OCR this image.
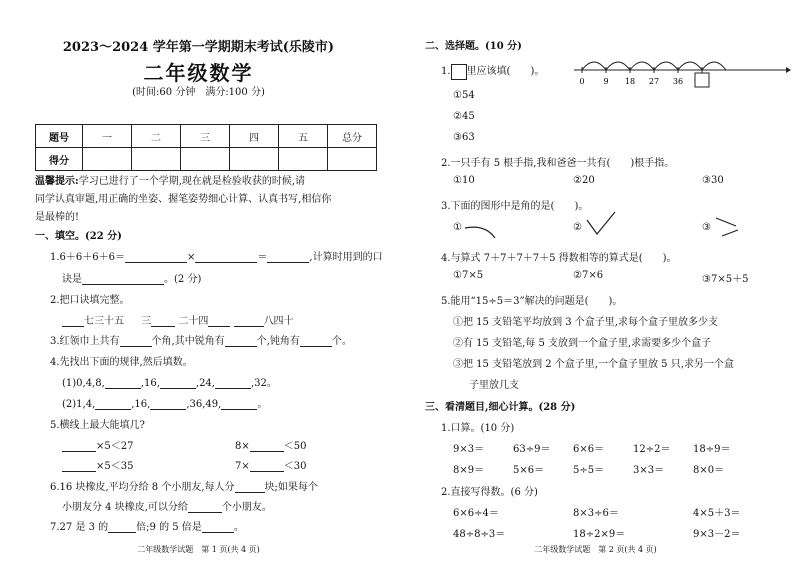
2023～2024 学年第一学期期末考试(乐陵市)
二年级数学
(时间:60 分钟　满分:100 分)
题号	一	二	三	四	五	总分
得分						
温馨提示:学习已进行了一个学期,现在就是检验收获的时候,请
同学认真审题,用正确的坐姿、握笔姿势细心计算、认真书写,相信你
是最棒的!
一、填空。(22 分)
1.6＋6＋6＋6＝	×	＝	,计算时用到的口
诀是	。(2 分)
2.把口诀填完整。
七三十五 三	二十四	八四十
3.红领巾上共有	个角,其中锐角有	个,钝角有	个。
4.先找出下面的规律,然后填数。
(1)0,4,8,	,16,	,24,	,32。
(2)1,4,	,16,	,36,49,	。
5.横线上最大能填几?
×5＜27	8×	＜50
×5＜35	7×	＜30
6.16 块橡皮,平均分给 8 个小朋友,每人分	块;如果每个
小朋友分 4 块橡皮,可以分给	个小朋友。
7.27 是 3 的	倍;9 的 5 倍是	。
二年级数学试题　第 1 页(共 4 页)
二、选择题。(10 分)
1. 里应该填(　　)。
0 9 18 27 36
①54
②45
③63
2.一只手有 5 根手指,我和爸爸一共有(　　)根手指。
①10	②20	③30
3.下面的图形中是角的是(　　)。
①	②	③
4.与算式 7＋7＋7＋7＋5 得数相等的算式是(　　)。
①7×5	②7×6	③7×5＋5
5.能用“15÷5＝3”解决的问题是(　　)。
①把 15 支铅笔平均放到 3 个盒子里,求每个盒子里放多少支
②有 15 支铅笔,每 5 支放到一个盒子里,求需要多少个盒子
③把 15 支铅笔放到 2 个盒子里,一个盒子里放 5 只,求另一个盒
子里放几支
三、看清题目,细心计算。(28 分)
1.口算。(10 分)
9×3＝	63÷9＝ 6×6＝	12÷2＝ 18÷9＝
8×9＝	5×6＝	5÷5＝	3×3＝	8×0＝
2.直接写得数。(6 分)
6×6÷4＝	8×3÷6＝	4×5＋3＝
48÷8÷3＝	18÷2×9＝	9×3－2＝
二年级数学试题　第 2 页(共 4 页)
